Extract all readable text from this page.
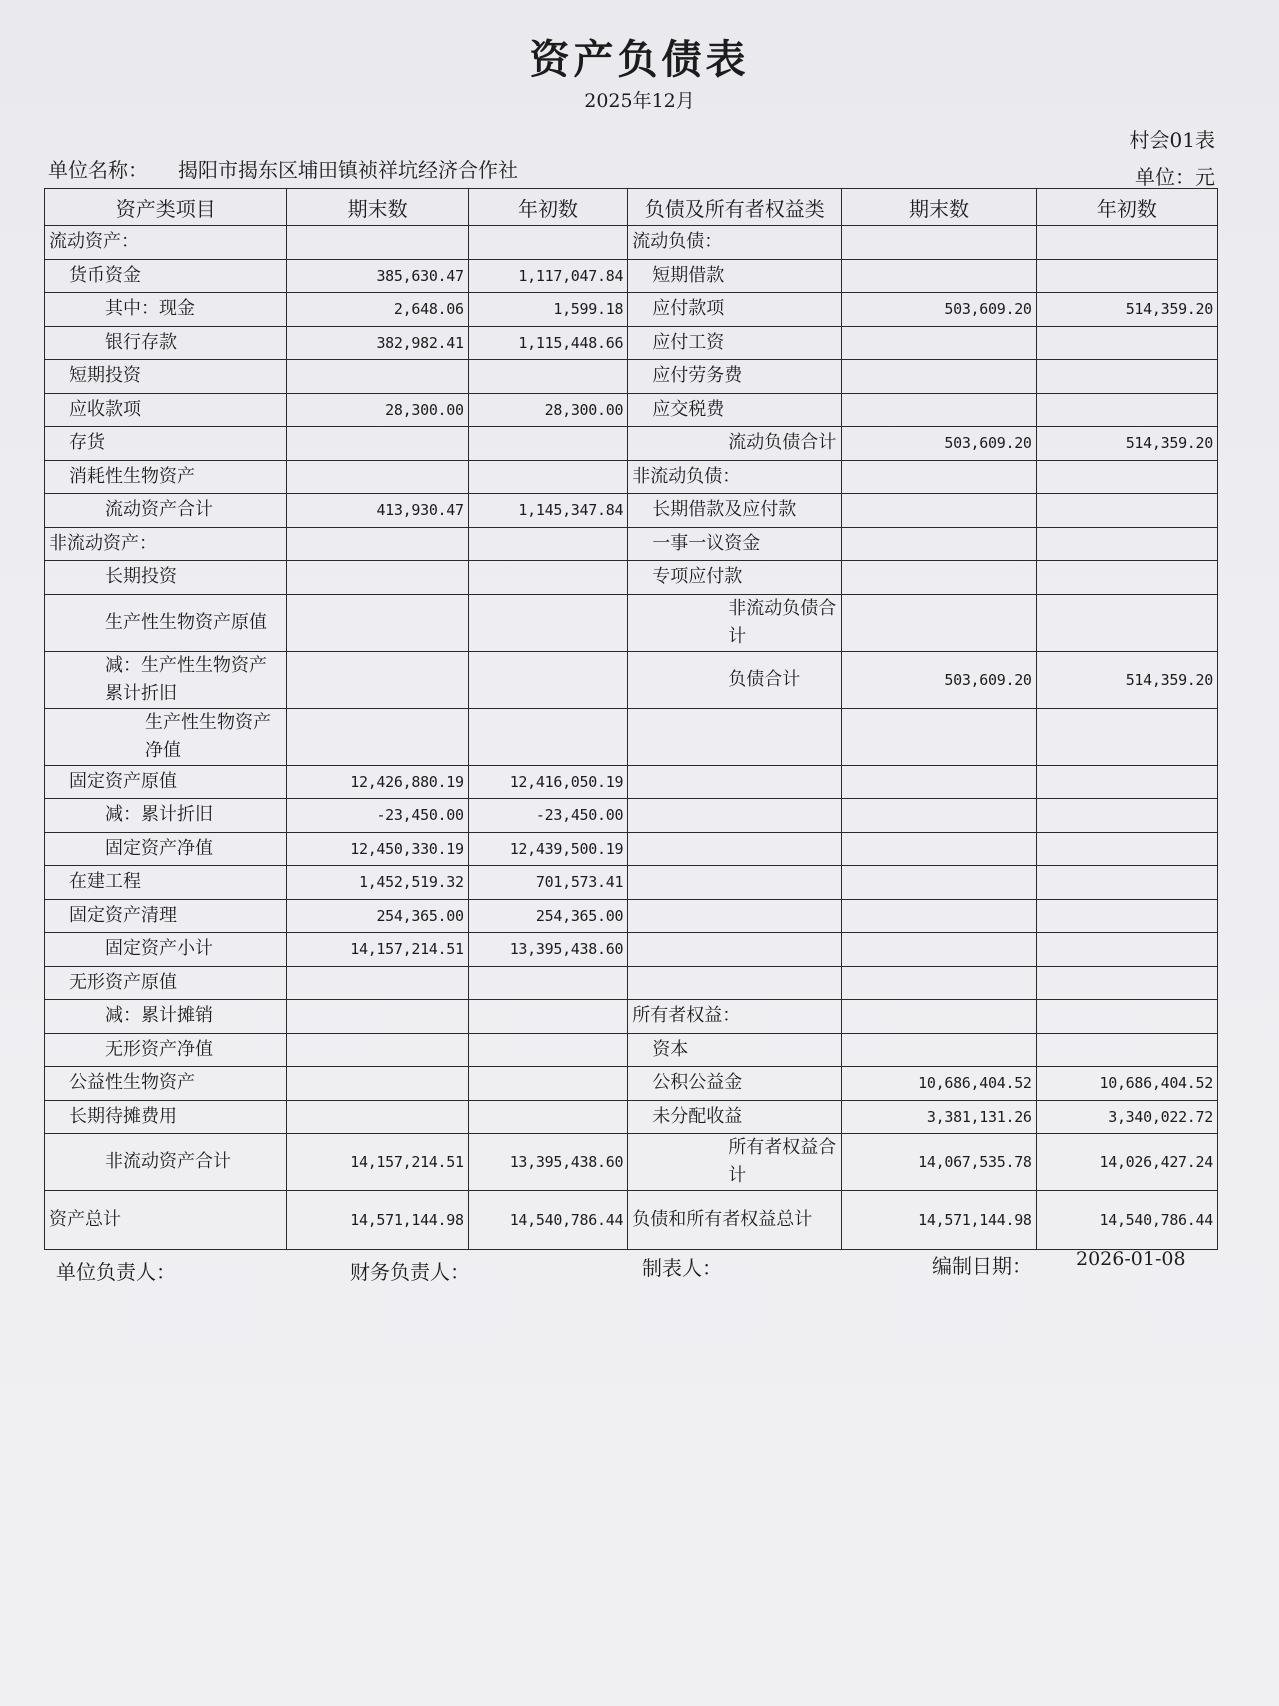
资产负债表
2025年12月
村会01表
单位名称： 揭阳市揭东区埔田镇祯祥坑经济合作社	单位：元
资产类项目	期末数	年初数	负债及所有者权益类	期末数	年初数
流动资产：			流动负债：		
货币资金	385,630.47	1,117,047.84	短期借款		
其中：现金	2,648.06	1,599.18	应付款项	503,609.20	514,359.20
银行存款	382,982.41	1,115,448.66	应付工资		
短期投资			应付劳务费		
应收款项	28,300.00	28,300.00	应交税费		
存货			流动负债合计	503,609.20	514,359.20
消耗性生物资产			非流动负债：		
流动资产合计	413,930.47	1,145,347.84	长期借款及应付款		
非流动资产：			一事一议资金		
长期投资			专项应付款		
生产性生物资产原值			非流动负债合计		
减：生产性生物资产累计折旧			负债合计	503,609.20	514,359.20
生产性生物资产净值					
固定资产原值	12,426,880.19	12,416,050.19			
减：累计折旧	-23,450.00	-23,450.00			
固定资产净值	12,450,330.19	12,439,500.19			
在建工程	1,452,519.32	701,573.41			
固定资产清理	254,365.00	254,365.00			
固定资产小计	14,157,214.51	13,395,438.60			
无形资产原值					
减：累计摊销			所有者权益：		
无形资产净值			资本		
公益性生物资产			公积公益金	10,686,404.52	10,686,404.52
长期待摊费用			未分配收益	3,381,131.26	3,340,022.72
非流动资产合计	14,157,214.51	13,395,438.60	所有者权益合计	14,067,535.78	14,026,427.24
资产总计	14,571,144.98	14,540,786.44	负债和所有者权益总计	14,571,144.98	14,540,786.44
单位负责人：	财务负责人：	制表人：	编制日期： 2026-01-08
